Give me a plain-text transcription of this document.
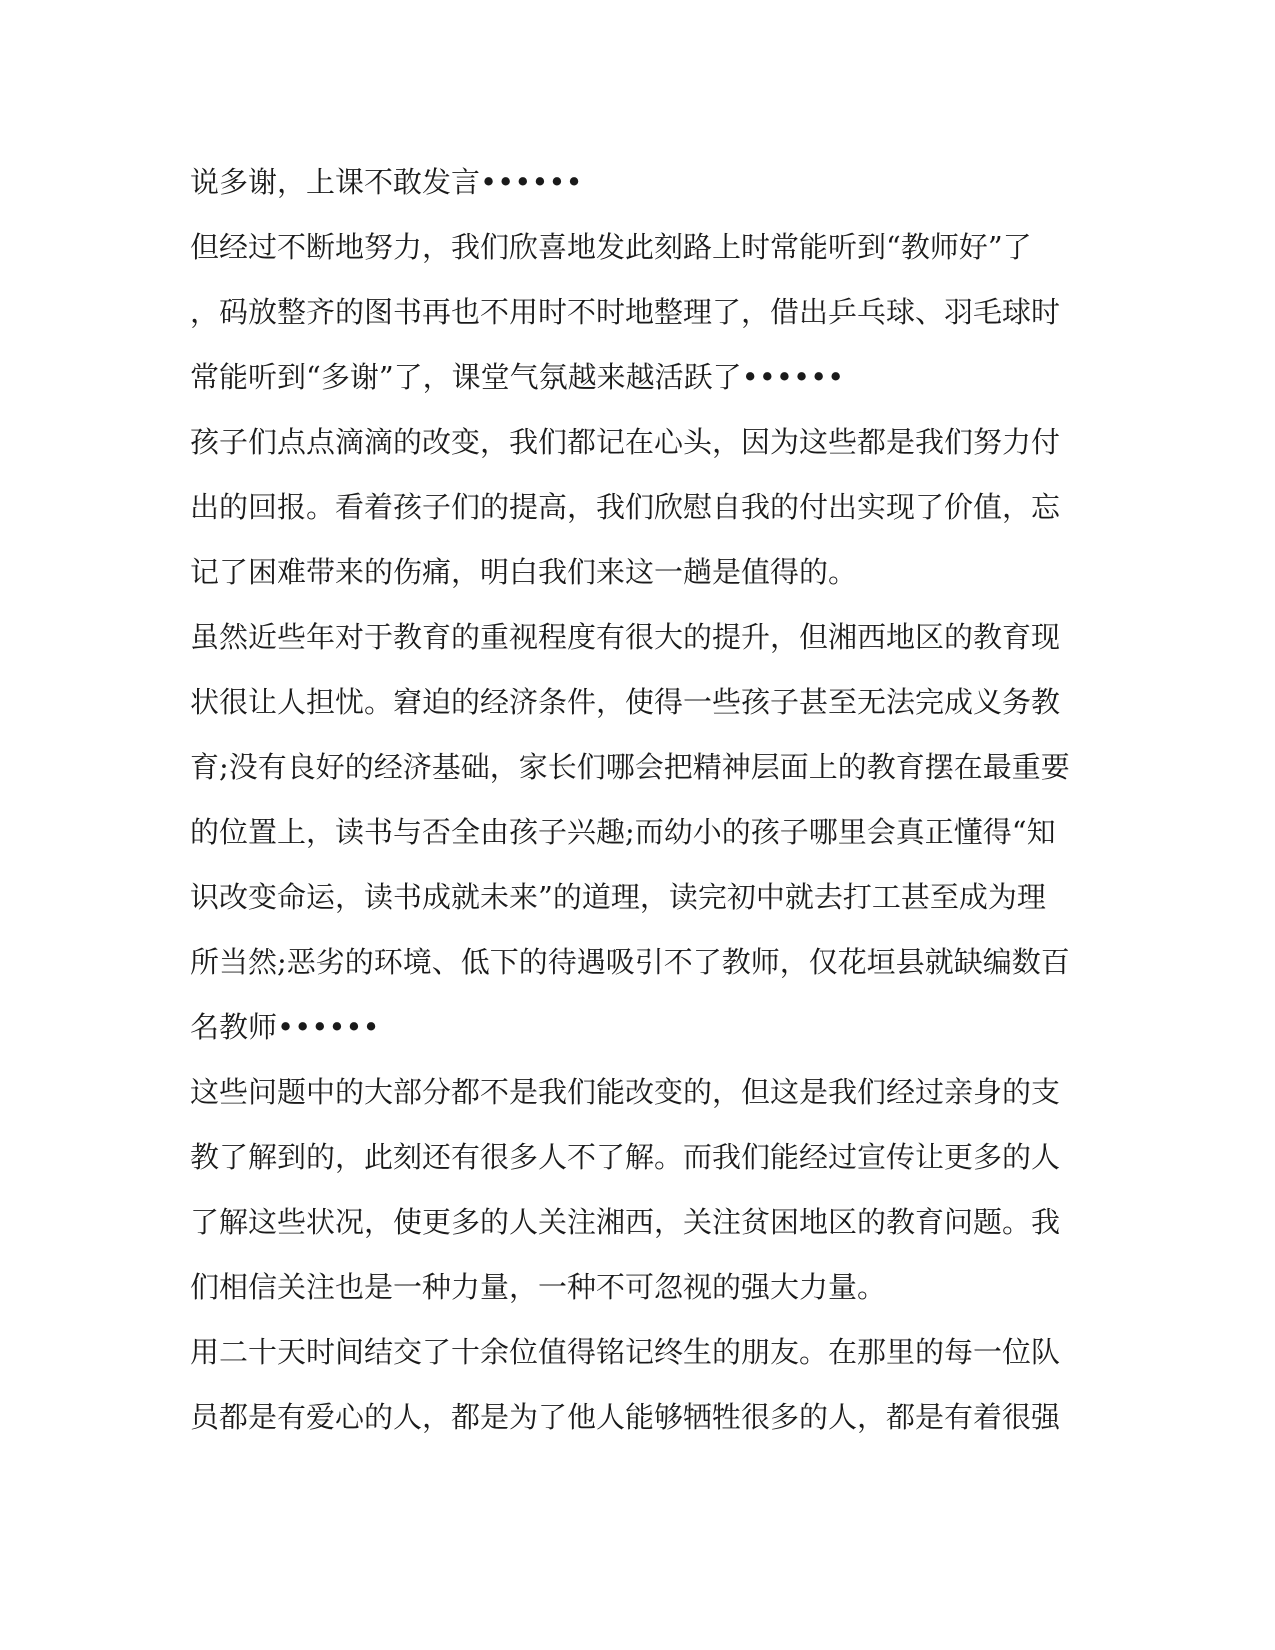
说多谢，上课不敢发言••••••
但经过不断地努力，我们欣喜地发此刻路上时常能听到“教师好”了
，码放整齐的图书再也不用时不时地整理了，借出乒乓球、羽毛球时
常能听到“多谢”了，课堂气氛越来越活跃了••••••
孩子们点点滴滴的改变，我们都记在心头，因为这些都是我们努力付
出的回报。看着孩子们的提高，我们欣慰自我的付出实现了价值，忘
记了困难带来的伤痛，明白我们来这一趟是值得的。
虽然近些年对于教育的重视程度有很大的提升，但湘西地区的教育现
状很让人担忧。窘迫的经济条件，使得一些孩子甚至无法完成义务教
育;没有良好的经济基础，家长们哪会把精神层面上的教育摆在最重要
的位置上，读书与否全由孩子兴趣;而幼小的孩子哪里会真正懂得“知
识改变命运，读书成就未来”的道理，读完初中就去打工甚至成为理
所当然;恶劣的环境、低下的待遇吸引不了教师，仅花垣县就缺编数百
名教师••••••
这些问题中的大部分都不是我们能改变的，但这是我们经过亲身的支
教了解到的，此刻还有很多人不了解。而我们能经过宣传让更多的人
了解这些状况，使更多的人关注湘西，关注贫困地区的教育问题。我
们相信关注也是一种力量，一种不可忽视的强大力量。
用二十天时间结交了十余位值得铭记终生的朋友。在那里的每一位队
员都是有爱心的人，都是为了他人能够牺牲很多的人，都是有着很强
